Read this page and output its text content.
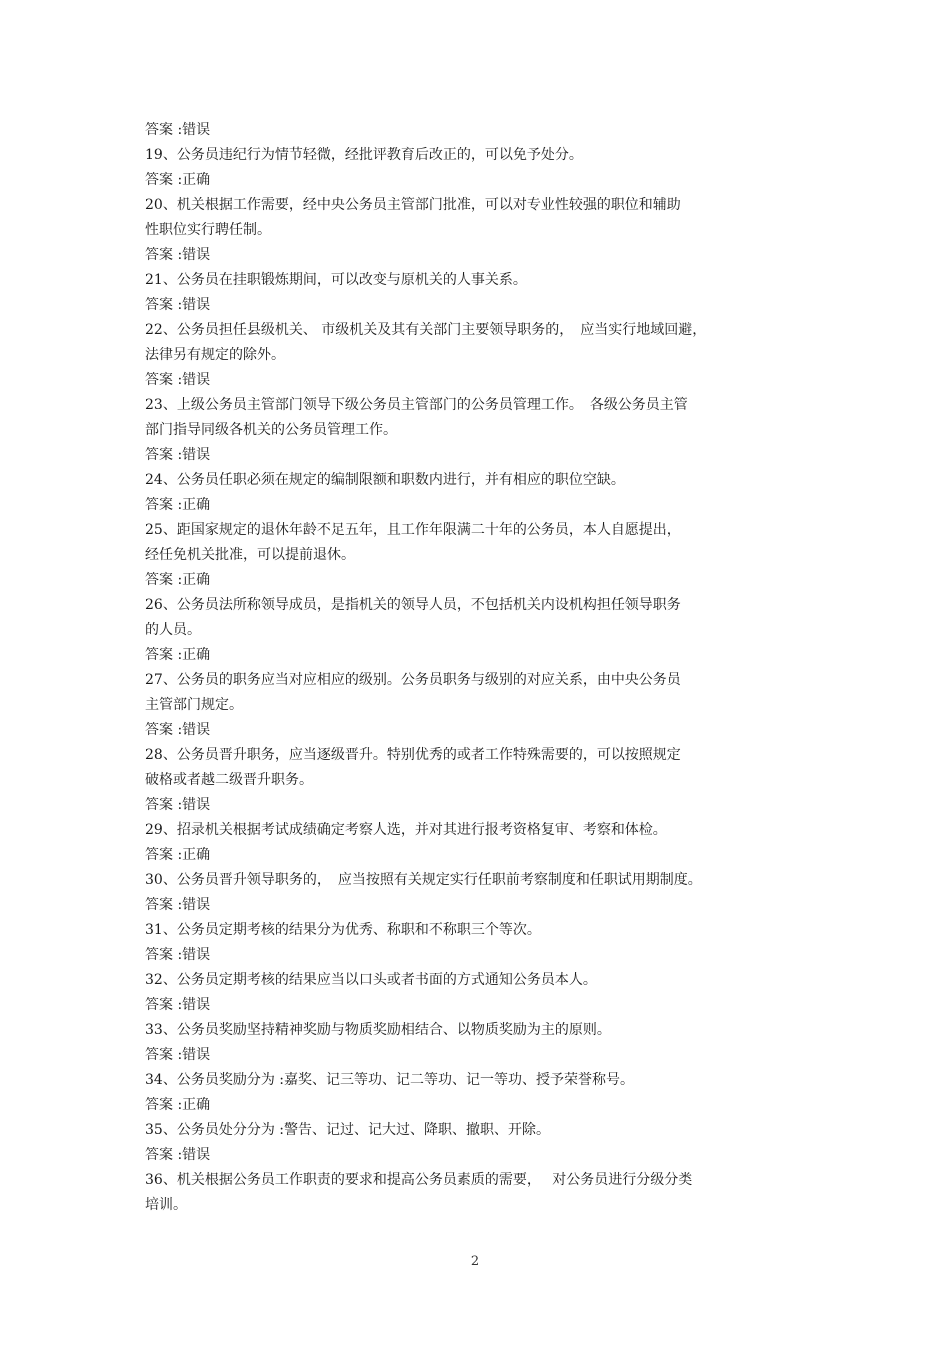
答案 :错误
19、公务员违纪行为情节轻微，经批评教育后改正的，可以免予处分。
答案 :正确
20、机关根据工作需要，经中央公务员主管部门批准，可以对专业性较强的职位和辅助
性职位实行聘任制。
答案 :错误
21、公务员在挂职锻炼期间，可以改变与原机关的人事关系。
答案 :错误
22、公务员担任县级机关、 市级机关及其有关部门主要领导职务的，　应当实行地域回避，
法律另有规定的除外。
答案 :错误
23、上级公务员主管部门领导下级公务员主管部门的公务员管理工作。　各级公务员主管
部门指导同级各机关的公务员管理工作。
答案 :错误
24、公务员任职必须在规定的编制限额和职数内进行，并有相应的职位空缺。
答案 :正确
25、距国家规定的退休年龄不足五年，且工作年限满二十年的公务员，本人自愿提出，
经任免机关批准，可以提前退休。
答案 :正确
26、公务员法所称领导成员，是指机关的领导人员，不包括机关内设机构担任领导职务
的人员。
答案 :正确
27、公务员的职务应当对应相应的级别。公务员职务与级别的对应关系，由中央公务员
主管部门规定。
答案 :错误
28、公务员晋升职务，应当逐级晋升。特别优秀的或者工作特殊需要的，可以按照规定
破格或者越二级晋升职务。
答案 :错误
29、招录机关根据考试成绩确定考察人选，并对其进行报考资格复审、考察和体检。
答案 :正确
30、公务员晋升领导职务的，　应当按照有关规定实行任职前考察制度和任职试用期制度。
答案 :错误
31、公务员定期考核的结果分为优秀、称职和不称职三个等次。
答案 :错误
32、公务员定期考核的结果应当以口头或者书面的方式通知公务员本人。
答案 :错误
33、公务员奖励坚持精神奖励与物质奖励相结合、以物质奖励为主的原则。
答案 :错误
34、公务员奖励分为 :嘉奖、记三等功、记二等功、记一等功、授予荣誉称号。
答案 :正确
35、公务员处分分为 :警告、记过、记大过、降职、撤职、开除。
答案 :错误
36、机关根据公务员工作职责的要求和提高公务员素质的需要，　 对公务员进行分级分类
培训。
2
